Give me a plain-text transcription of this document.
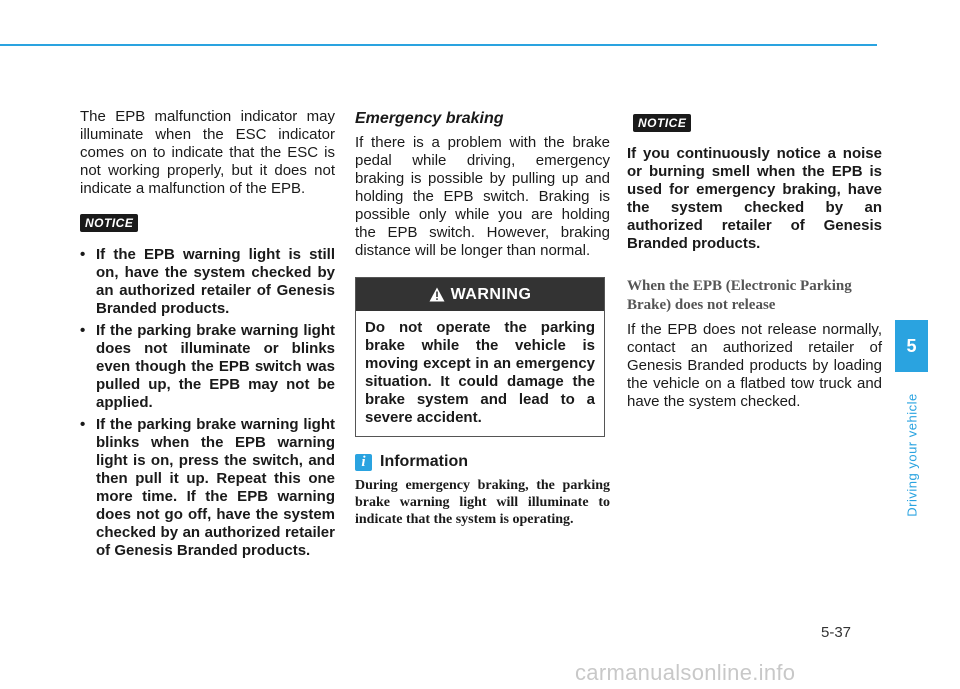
The EPB malfunction indicator may illuminate when the ESC indicator comes on to indicate that the ESC is not working properly, but it does not indicate a malfunction of the EPB.

NOTICE
• If the EPB warning light is still on, have the system checked by an authorized retailer of Genesis Branded products.
• If the parking brake warning light does not illuminate or blinks even though the EPB switch was pulled up, the EPB may not be applied.
• If the parking brake warning light blinks when the EPB warning light is on, press the switch, and then pull it up. Repeat this one more time. If the EPB warning does not go off, have the system checked by an authorized retailer of Genesis Branded products.
Emergency braking

If there is a problem with the brake pedal while driving, emergency braking is possible by pulling up and holding the EPB switch. Braking is possible only while you are holding the EPB switch. However, braking distance will be longer than normal.

WARNING
Do not operate the parking brake while the vehicle is moving except in an emergency situation. It could damage the brake system and lead to a severe accident.
i Information

During emergency braking, the parking brake warning light will illuminate to indicate that the system is operating.

NOTICE

If you continuously notice a noise or burning smell when the EPB is used for emergency braking, have the system checked by an authorized retailer of Genesis Branded products.

When the EPB (Electronic Parking Brake) does not release

If the EPB does not release normally, contact an authorized retailer of Genesis Branded products by loading the vehicle on a flatbed tow truck and have the system checked.

5
Driving your vehicle
5-37
carmanualsonline.info
